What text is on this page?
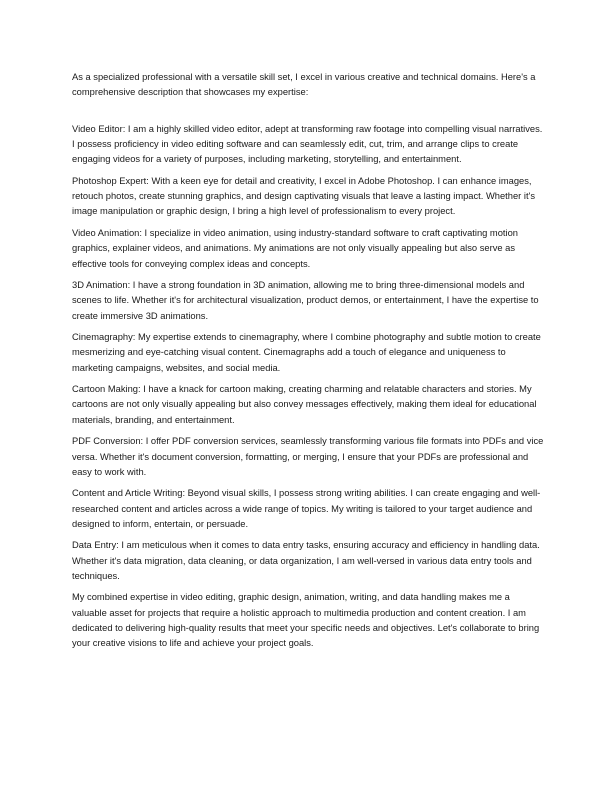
As a specialized professional with a versatile skill set, I excel in various creative and technical domains. Here's a comprehensive description that showcases my expertise:

Video Editor: I am a highly skilled video editor, adept at transforming raw footage into compelling visual narratives. I possess proficiency in video editing software and can seamlessly edit, cut, trim, and arrange clips to create engaging videos for a variety of purposes, including marketing, storytelling, and entertainment.

Photoshop Expert: With a keen eye for detail and creativity, I excel in Adobe Photoshop. I can enhance images, retouch photos, create stunning graphics, and design captivating visuals that leave a lasting impact. Whether it's image manipulation or graphic design, I bring a high level of professionalism to every project.

Video Animation: I specialize in video animation, using industry-standard software to craft captivating motion graphics, explainer videos, and animations. My animations are not only visually appealing but also serve as effective tools for conveying complex ideas and concepts.

3D Animation: I have a strong foundation in 3D animation, allowing me to bring three-dimensional models and scenes to life. Whether it's for architectural visualization, product demos, or entertainment, I have the expertise to create immersive 3D animations.

Cinemagraphy: My expertise extends to cinemagraphy, where I combine photography and subtle motion to create mesmerizing and eye-catching visual content. Cinemagraphs add a touch of elegance and uniqueness to marketing campaigns, websites, and social media.

Cartoon Making: I have a knack for cartoon making, creating charming and relatable characters and stories. My cartoons are not only visually appealing but also convey messages effectively, making them ideal for educational materials, branding, and entertainment.

PDF Conversion: I offer PDF conversion services, seamlessly transforming various file formats into PDFs and vice versa. Whether it's document conversion, formatting, or merging, I ensure that your PDFs are professional and easy to work with.

Content and Article Writing: Beyond visual skills, I possess strong writing abilities. I can create engaging and well-researched content and articles across a wide range of topics. My writing is tailored to your target audience and designed to inform, entertain, or persuade.

Data Entry: I am meticulous when it comes to data entry tasks, ensuring accuracy and efficiency in handling data. Whether it's data migration, data cleaning, or data organization, I am well-versed in various data entry tools and techniques.

My combined expertise in video editing, graphic design, animation, writing, and data handling makes me a valuable asset for projects that require a holistic approach to multimedia production and content creation. I am dedicated to delivering high-quality results that meet your specific needs and objectives. Let's collaborate to bring your creative visions to life and achieve your project goals.
